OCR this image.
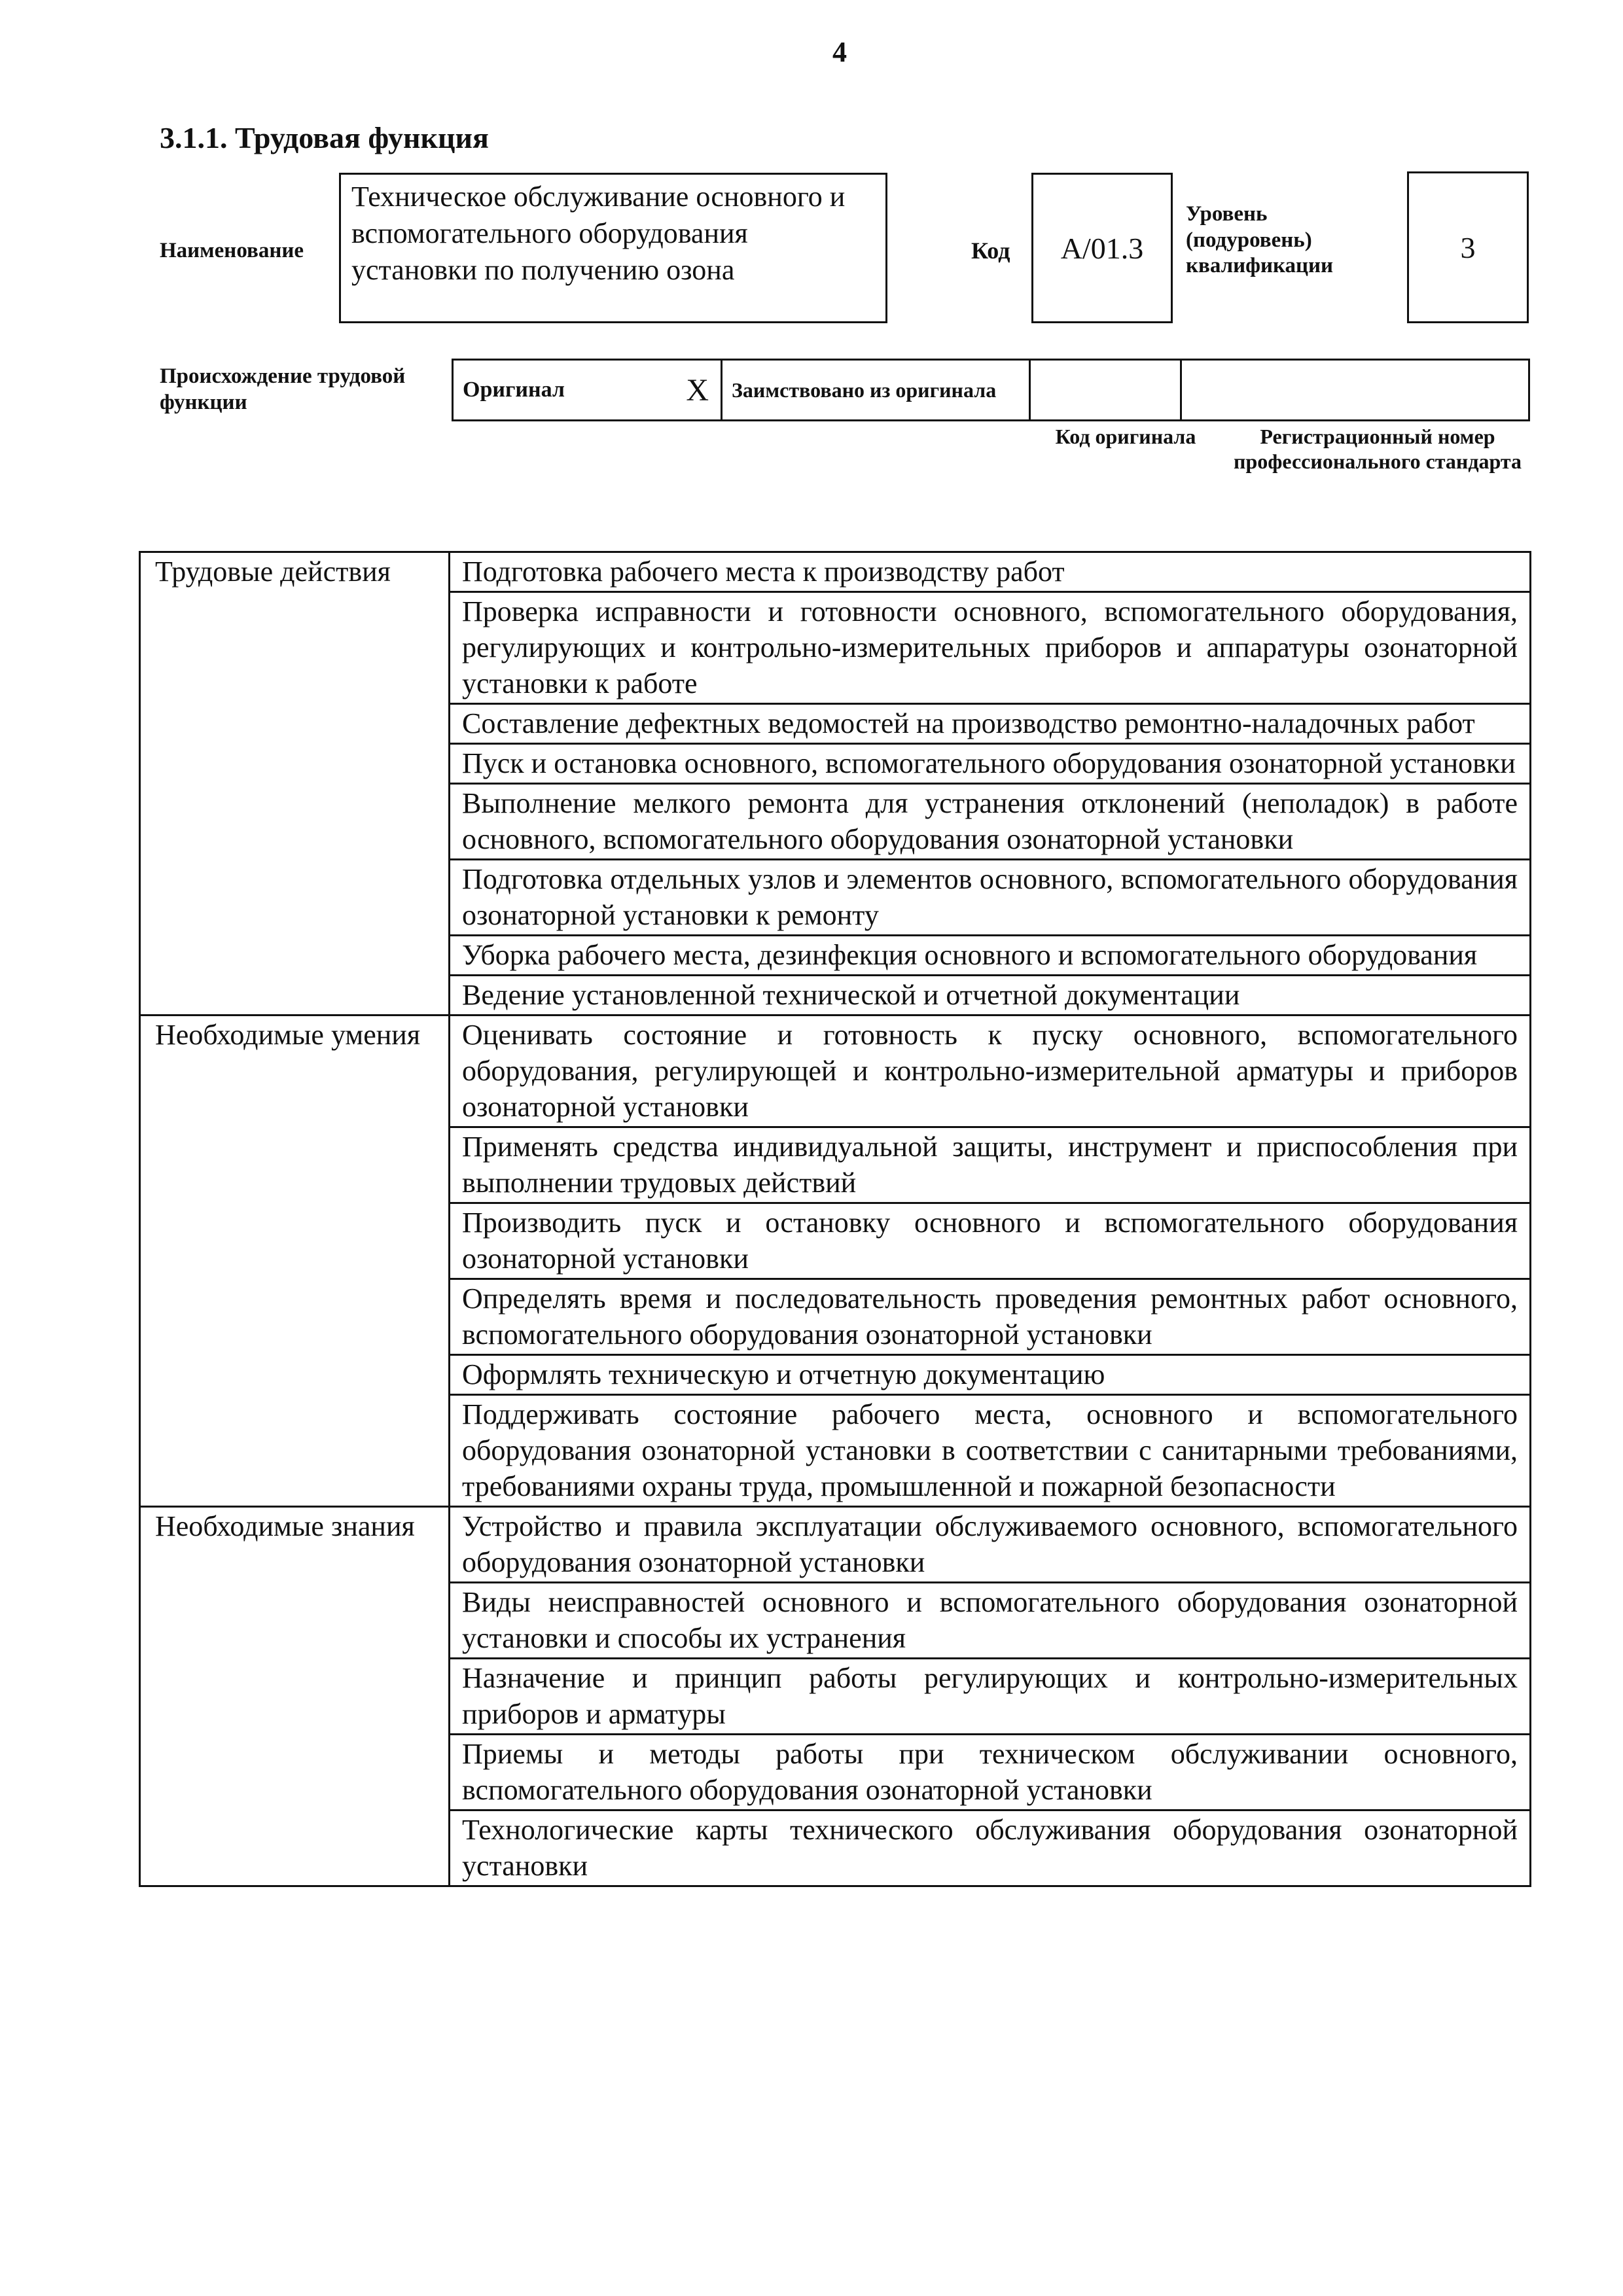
4
3.1.1. Трудовая функция
Наименование
Техническое обслуживание основного и вспомогательного оборудования установки по получению озона
Код А/01.3
Уровень (подуровень) квалификации
3
Происхождение трудовой функции
Оригинал	X	Заимствовано из оригинала		
Код оригинала	Регистрационный номер профессионального стандарта
Трудовые действия	Подготовка рабочего места к производству работ
	Проверка исправности и готовности основного, вспомогательного оборудования, регулирующих и контрольно-измерительных приборов и аппаратуры озонаторной установки к работе
	Составление дефектных ведомостей на производство ремонтно-наладочных работ
	Пуск и остановка основного, вспомогательного оборудования озонаторной установки
	Выполнение мелкого ремонта для устранения отклонений (неполадок) в работе основного, вспомогательного оборудования озонаторной установки
	Подготовка отдельных узлов и элементов основного, вспомогательного оборудования озонаторной установки к ремонту
	Уборка рабочего места, дезинфекция основного и вспомогательного оборудования
	Ведение установленной технической и отчетной документации
Необходимые умения	Оценивать состояние и готовность к пуску основного, вспомогательного оборудования, регулирующей и контрольно-измерительной арматуры и приборов озонаторной установки
	Применять средства индивидуальной защиты, инструмент и приспособления при выполнении трудовых действий
	Производить пуск и остановку основного и вспомогательного оборудования озонаторной установки
	Определять время и последовательность проведения ремонтных работ основного, вспомогательного оборудования озонаторной установки
	Оформлять техническую и отчетную документацию
	Поддерживать состояние рабочего места, основного и вспомогательного оборудования озонаторной установки в соответствии с санитарными требованиями, требованиями охраны труда, промышленной и пожарной безопасности
Необходимые знания	Устройство и правила эксплуатации обслуживаемого основного, вспомогательного оборудования озонаторной установки
	Виды неисправностей основного и вспомогательного оборудования озонаторной установки и способы их устранения
	Назначение и принцип работы регулирующих и контрольно-измерительных приборов и арматуры
	Приемы и методы работы при техническом обслуживании основного, вспомогательного оборудования озонаторной установки
	Технологические карты технического обслуживания оборудования озонаторной установки
